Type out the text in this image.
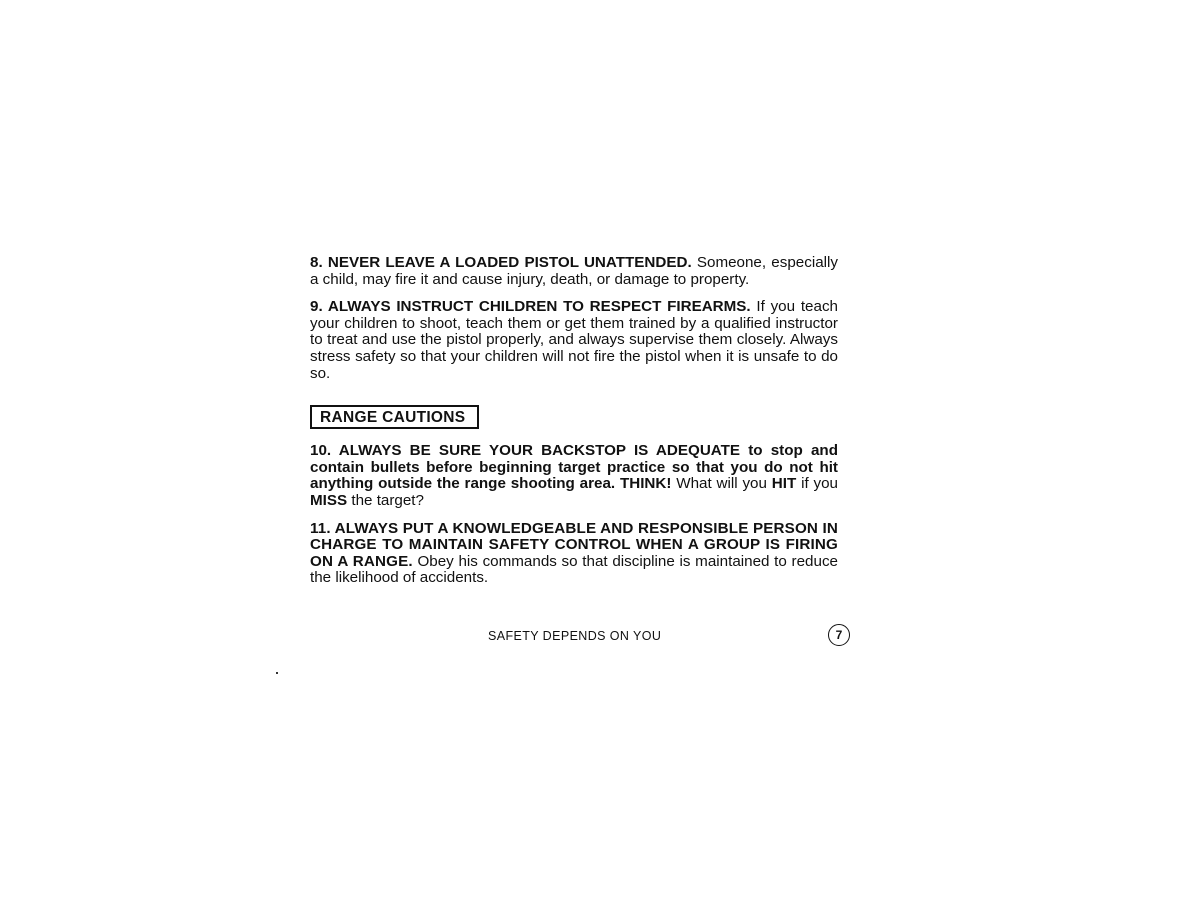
8. NEVER LEAVE A LOADED PISTOL UNATTENDED. Someone, especially a child, may fire it and cause injury, death, or damage to property.

9. ALWAYS INSTRUCT CHILDREN TO RESPECT FIREARMS. If you teach your children to shoot, teach them or get them trained by a qualified instructor to treat and use the pistol properly, and always supervise them closely. Always stress safety so that your children will not fire the pistol when it is unsafe to do so.

RANGE CAUTIONS

10. ALWAYS BE SURE YOUR BACKSTOP IS ADEQUATE to stop and contain bullets before beginning target practice so that you do not hit anything outside the range shooting area. THINK! What will you HIT if you MISS the target?

11. ALWAYS PUT A KNOWLEDGEABLE AND RESPONSIBLE PERSON IN CHARGE TO MAINTAIN SAFETY CONTROL WHEN A GROUP IS FIRING ON A RANGE. Obey his commands so that discipline is maintained to reduce the likelihood of accidents.

SAFETY DEPENDS ON YOU	7
